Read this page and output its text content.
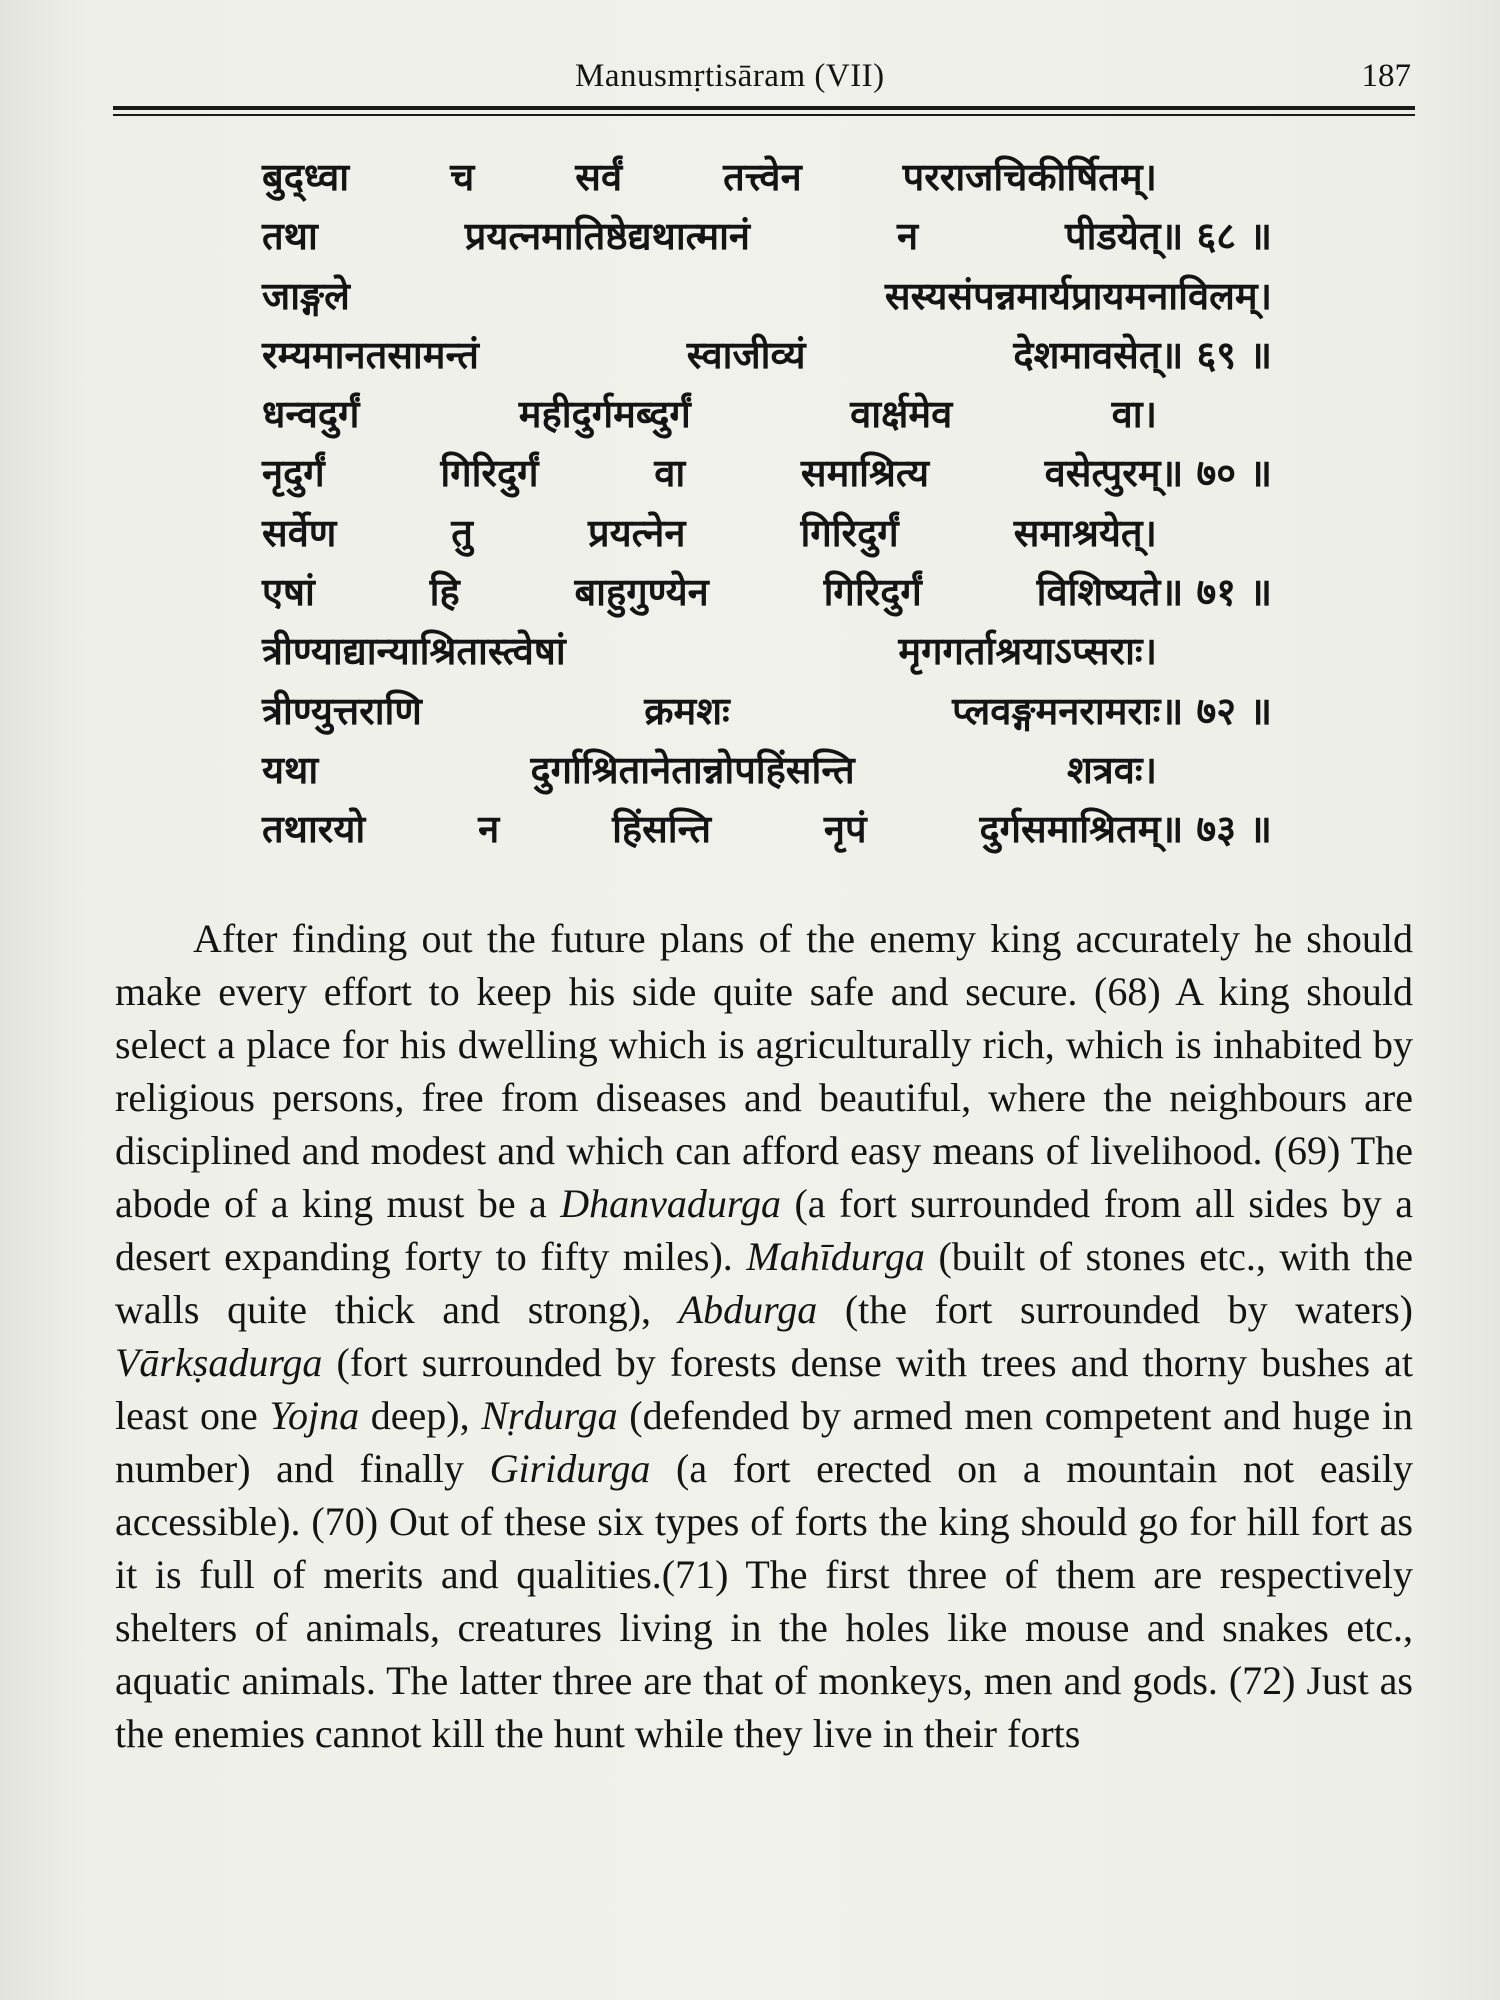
Manusmṛtisāram (VII)	187
बुद्ध्वा	च	सर्वं	तत्त्वेन	परराजचिकीर्षितम्।
तथा	प्रयत्नमातिष्ठेद्यथात्मानं	न	पीडयेत्॥ ६८ ॥
जाङ्गले	सस्यसंपन्नमार्यप्रायमनाविलम्।
रम्यमानतसामन्तं	स्वाजीव्यं	देशमावसेत्॥ ६९ ॥
धन्वदुर्गं	महीदुर्गमब्दुर्गं	वार्क्षमेव	वा।
नृदुर्गं	गिरिदुर्गं	वा	समाश्रित्य	वसेत्पुरम्॥ ७० ॥
सर्वेण	तु	प्रयत्नेन	गिरिदुर्गं	समाश्रयेत्।
एषां	हि	बाहुगुण्येन	गिरिदुर्गं	विशिष्यते॥ ७१ ॥
त्रीण्याद्यान्याश्रितास्त्वेषां	मृगगर्ताश्रयाऽप्सराः।
त्रीण्युत्तराणि	क्रमशः	प्लवङ्गमनरामराः॥ ७२ ॥
यथा	दुर्गाश्रितानेतान्नोपहिंसन्ति	शत्रवः।
तथारयो	न	हिंसन्ति	नृपं	दुर्गसमाश्रितम्॥ ७३ ॥

After finding out the future plans of the enemy king accurately he should make every effort to keep his side quite safe and secure. (68) A king should select a place for his dwelling which is agriculturally rich, which is inhabited by religious persons, free from diseases and beautiful, where the neighbours are disciplined and modest and which can afford easy means of livelihood. (69) The abode of a king must be a Dhanvadurga (a fort surrounded from all sides by a desert expanding forty to fifty miles). Mahīdurga (built of stones etc., with the walls quite thick and strong), Abdurga (the fort surrounded by waters) Vārkṣadurga (fort surrounded by forests dense with trees and thorny bushes at least one Yojna deep), Nṛdurga (defended by armed men competent and huge in number) and finally Giridurga (a fort erected on a mountain not easily accessible). (70) Out of these six types of forts the king should go for hill fort as it is full of merits and qualities.(71) The first three of them are respectively shelters of animals, creatures living in the holes like mouse and snakes etc., aquatic animals. The latter three are that of monkeys, men and gods. (72) Just as the enemies cannot kill the hunt while they live in their forts
